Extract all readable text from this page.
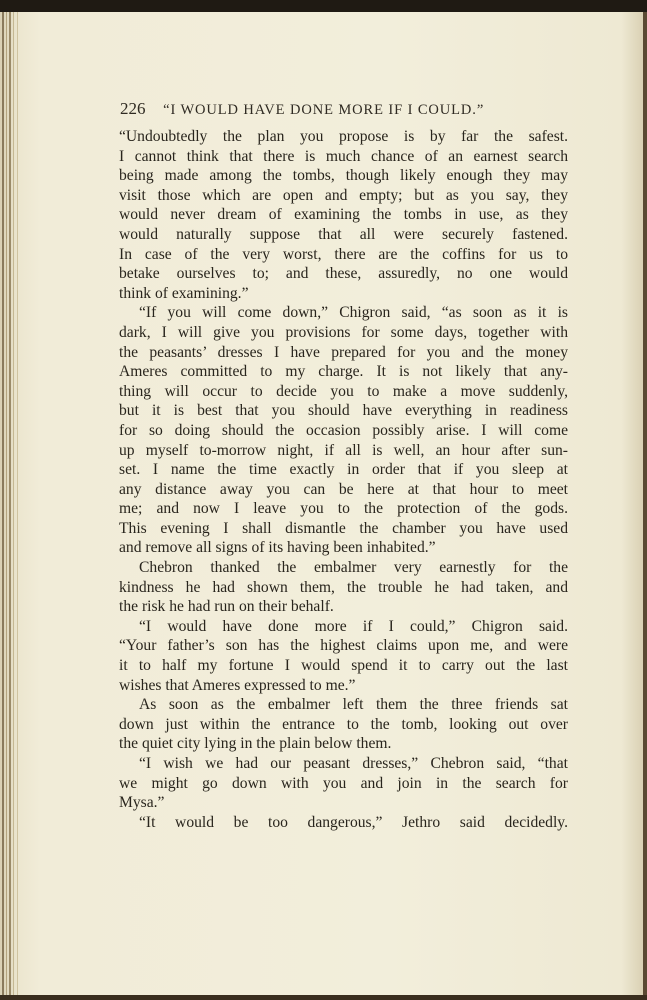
226 “I WOULD HAVE DONE MORE IF I COULD.”
“Undoubtedly the plan you propose is by far the safest.
I cannot think that there is much chance of an earnest search
being made among the tombs, though likely enough they may
visit those which are open and empty; but as you say, they
would never dream of examining the tombs in use, as they
would naturally suppose that all were securely fastened.
In case of the very worst, there are the coffins for us to
betake ourselves to; and these, assuredly, no one would
think of examining.”
“If you will come down,” Chigron said, “as soon as it is
dark, I will give you provisions for some days, together with
the peasants’ dresses I have prepared for you and the money
Ameres committed to my charge. It is not likely that any-
thing will occur to decide you to make a move suddenly,
but it is best that you should have everything in readiness
for so doing should the occasion possibly arise. I will come
up myself to-morrow night, if all is well, an hour after sun-
set. I name the time exactly in order that if you sleep at
any distance away you can be here at that hour to meet
me; and now I leave you to the protection of the gods.
This evening I shall dismantle the chamber you have used
and remove all signs of its having been inhabited.”
Chebron thanked the embalmer very earnestly for the
kindness he had shown them, the trouble he had taken, and
the risk he had run on their behalf.
“I would have done more if I could,” Chigron said.
“Your father’s son has the highest claims upon me, and were
it to half my fortune I would spend it to carry out the last
wishes that Ameres expressed to me.”
As soon as the embalmer left them the three friends sat
down just within the entrance to the tomb, looking out over
the quiet city lying in the plain below them.
“I wish we had our peasant dresses,” Chebron said, “that
we might go down with you and join in the search for
Mysa.”
“It would be too dangerous,” Jethro said decidedly.
